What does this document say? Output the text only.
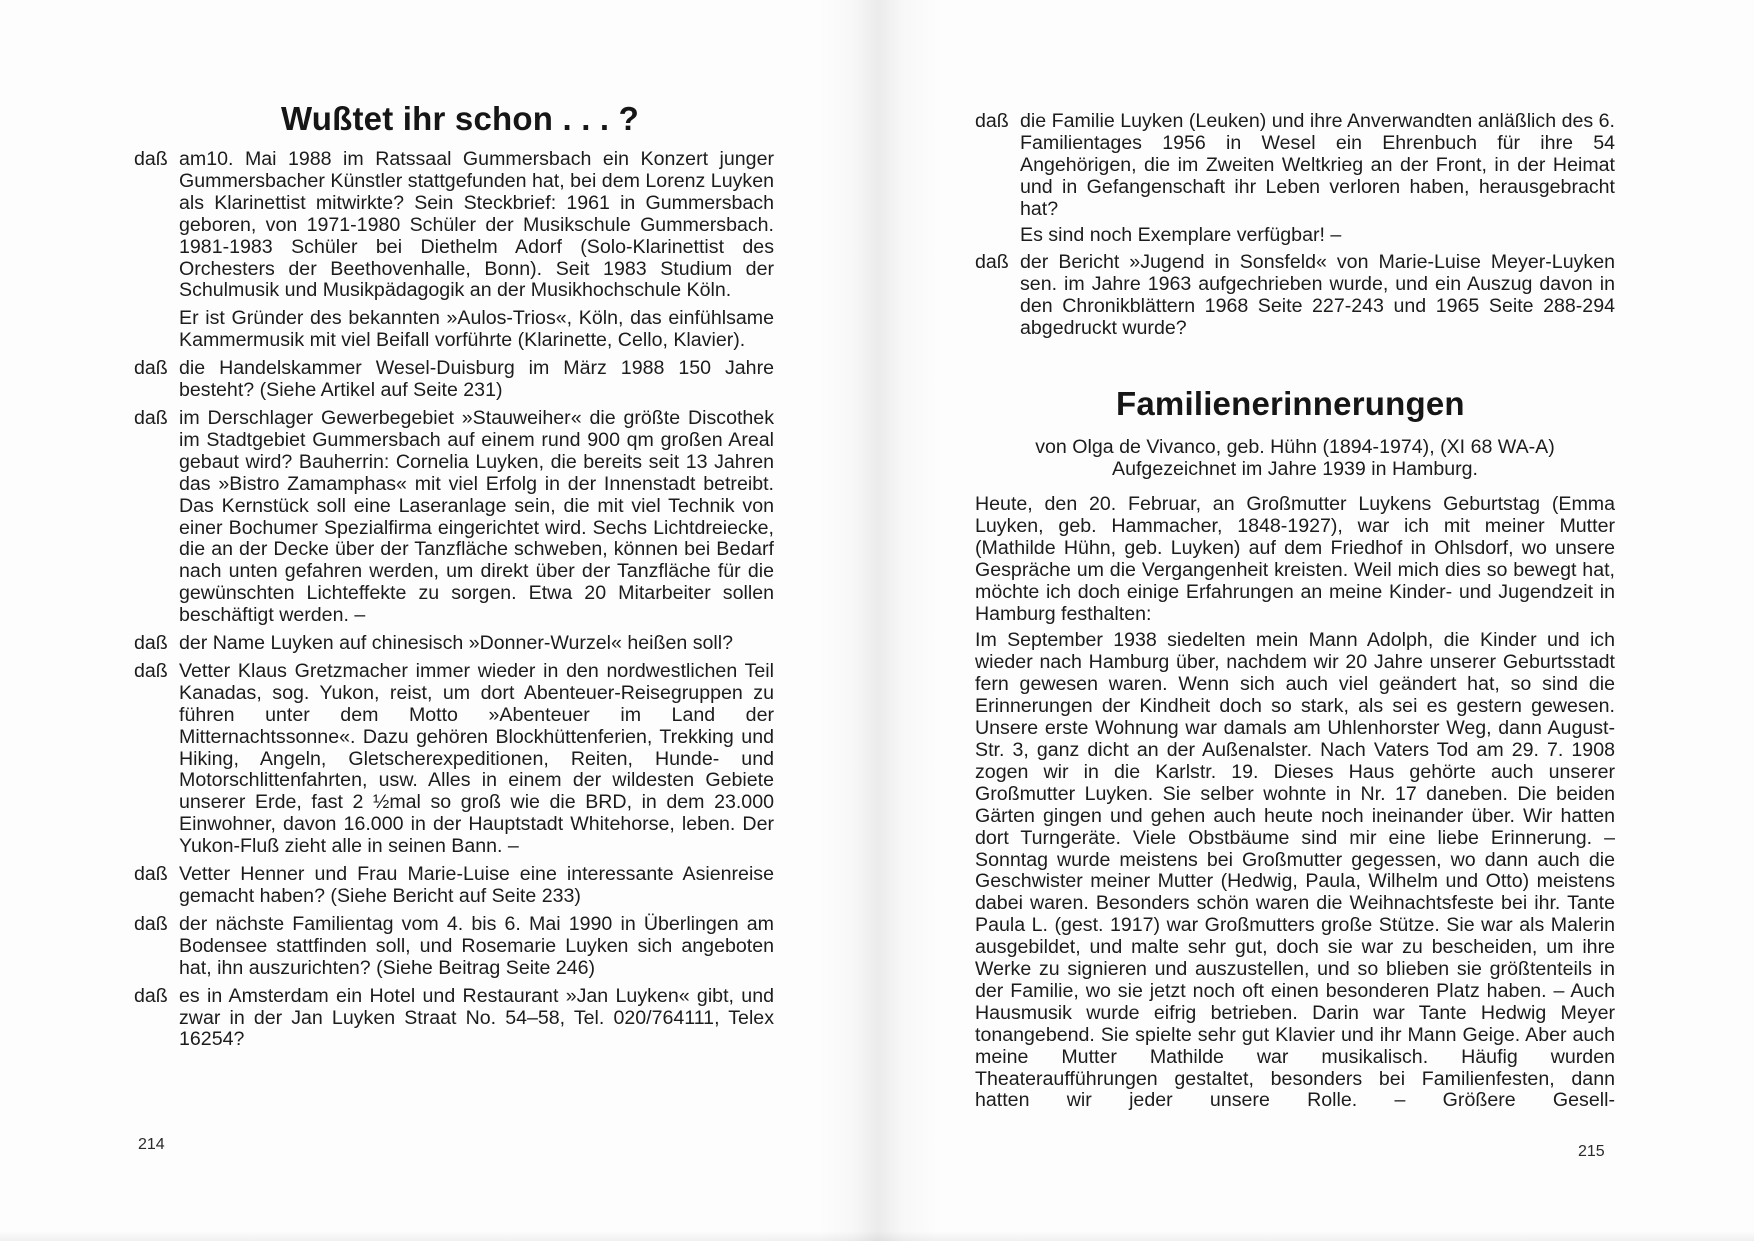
Wußtet ihr schon . . . ?
daß am10. Mai 1988 im Ratssaal Gummersbach ein Konzert junger Gummersbacher Künstler stattgefunden hat, bei dem Lorenz Luyken als Klarinettist mitwirkte? Sein Steckbrief: 1961 in Gummersbach geboren, von 1971-1980 Schüler der Musikschule Gummersbach. 1981-1983 Schüler bei Diethelm Adorf (Solo-Klarinettist des Orchesters der Beethovenhalle, Bonn). Seit 1983 Studium der Schulmusik und Musikpädagogik an der Musikhochschule Köln.

Er ist Gründer des bekannten »Aulos-Trios«, Köln, das einfühlsame Kammermusik mit viel Beifall vorführte (Klarinette, Cello, Klavier).

daß die Handelskammer Wesel-Duisburg im März 1988 150 Jahre besteht? (Siehe Artikel auf Seite 231)

daß im Derschlager Gewerbegebiet »Stauweiher« die größte Discothek im Stadtgebiet Gummersbach auf einem rund 900 qm großen Areal gebaut wird? Bauherrin: Cornelia Luyken, die bereits seit 13 Jahren das »Bistro Zamamphas« mit viel Erfolg in der Innenstadt betreibt. Das Kernstück soll eine Laseranlage sein, die mit viel Technik von einer Bochumer Spezialfirma eingerichtet wird. Sechs Lichtdreiecke, die an der Decke über der Tanzfläche schweben, können bei Bedarf nach unten gefahren werden, um direkt über der Tanzfläche für die gewünschten Lichteffekte zu sorgen. Etwa 20 Mitarbeiter sollen beschäftigt werden. –

daß der Name Luyken auf chinesisch »Donner-Wurzel« heißen soll?

daß Vetter Klaus Gretzmacher immer wieder in den nordwestlichen Teil Kanadas, sog. Yukon, reist, um dort Abenteuer-Reisegruppen zu führen unter dem Motto »Abenteuer im Land der Mitternachtssonne«. Dazu gehören Blockhüttenferien, Trekking und Hiking, Angeln, Gletscherexpeditionen, Reiten, Hunde- und Motorschlittenfahrten, usw. Alles in einem der wildesten Gebiete unserer Erde, fast 2 ½mal so groß wie die BRD, in dem 23.000 Einwohner, davon 16.000 in der Hauptstadt Whitehorse, leben. Der Yukon-Fluß zieht alle in seinen Bann. –

daß Vetter Henner und Frau Marie-Luise eine interessante Asienreise gemacht haben? (Siehe Bericht auf Seite 233)

daß der nächste Familientag vom 4. bis 6. Mai 1990 in Überlingen am Bodensee stattfinden soll, und Rosemarie Luyken sich angeboten hat, ihn auszurichten? (Siehe Beitrag Seite 246)

daß es in Amsterdam ein Hotel und Restaurant »Jan Luyken« gibt, und zwar in der Jan Luyken Straat No. 54–58, Tel. 020/764111, Telex 16254?

214
daß die Familie Luyken (Leuken) und ihre Anverwandten anläßlich des 6. Familientages 1956 in Wesel ein Ehrenbuch für ihre 54 Angehörigen, die im Zweiten Weltkrieg an der Front, in der Heimat und in Gefangenschaft ihr Leben verloren haben, herausgebracht hat?

Es sind noch Exemplare verfügbar! –

daß der Bericht »Jugend in Sonsfeld« von Marie-Luise Meyer-Luyken sen. im Jahre 1963 aufgechrieben wurde, und ein Auszug davon in den Chronikblättern 1968 Seite 227-243 und 1965 Seite 288-294 abgedruckt wurde?

Familienerinnerungen
von Olga de Vivanco, geb. Hühn (1894-1974), (XI 68 WA-A)
Aufgezeichnet im Jahre 1939 in Hamburg.

Heute, den 20. Februar, an Großmutter Luykens Geburtstag (Emma Luyken, geb. Hammacher, 1848-1927), war ich mit meiner Mutter (Mathilde Hühn, geb. Luyken) auf dem Friedhof in Ohlsdorf, wo unsere Gespräche um die Vergangenheit kreisten. Weil mich dies so bewegt hat, möchte ich doch einige Erfahrungen an meine Kinder- und Jugendzeit in Hamburg festhalten:

Im September 1938 siedelten mein Mann Adolph, die Kinder und ich wieder nach Hamburg über, nachdem wir 20 Jahre unserer Geburtsstadt fern gewesen waren. Wenn sich auch viel geändert hat, so sind die Erinnerungen der Kindheit doch so stark, als sei es gestern gewesen. Unsere erste Wohnung war damals am Uhlenhorster Weg, dann August-Str. 3, ganz dicht an der Außenalster. Nach Vaters Tod am 29. 7. 1908 zogen wir in die Karlstr. 19. Dieses Haus gehörte auch unserer Großmutter Luyken. Sie selber wohnte in Nr. 17 daneben. Die beiden Gärten gingen und gehen auch heute noch ineinander über. Wir hatten dort Turngeräte. Viele Obstbäume sind mir eine liebe Erinnerung. – Sonntag wurde meistens bei Großmutter gegessen, wo dann auch die Geschwister meiner Mutter (Hedwig, Paula, Wilhelm und Otto) meistens dabei waren. Besonders schön waren die Weihnachtsfeste bei ihr. Tante Paula L. (gest. 1917) war Großmutters große Stütze. Sie war als Malerin ausgebildet, und malte sehr gut, doch sie war zu bescheiden, um ihre Werke zu signieren und auszustellen, und so blieben sie größtenteils in der Familie, wo sie jetzt noch oft einen besonderen Platz haben. – Auch Hausmusik wurde eifrig betrieben. Darin war Tante Hedwig Meyer tonangebend. Sie spielte sehr gut Klavier und ihr Mann Geige. Aber auch meine Mutter Mathilde war musikalisch. Häufig wurden Theateraufführungen gestaltet, besonders bei Familienfesten, dann hatten wir jeder unsere Rolle. – Größere Gesell-

215
